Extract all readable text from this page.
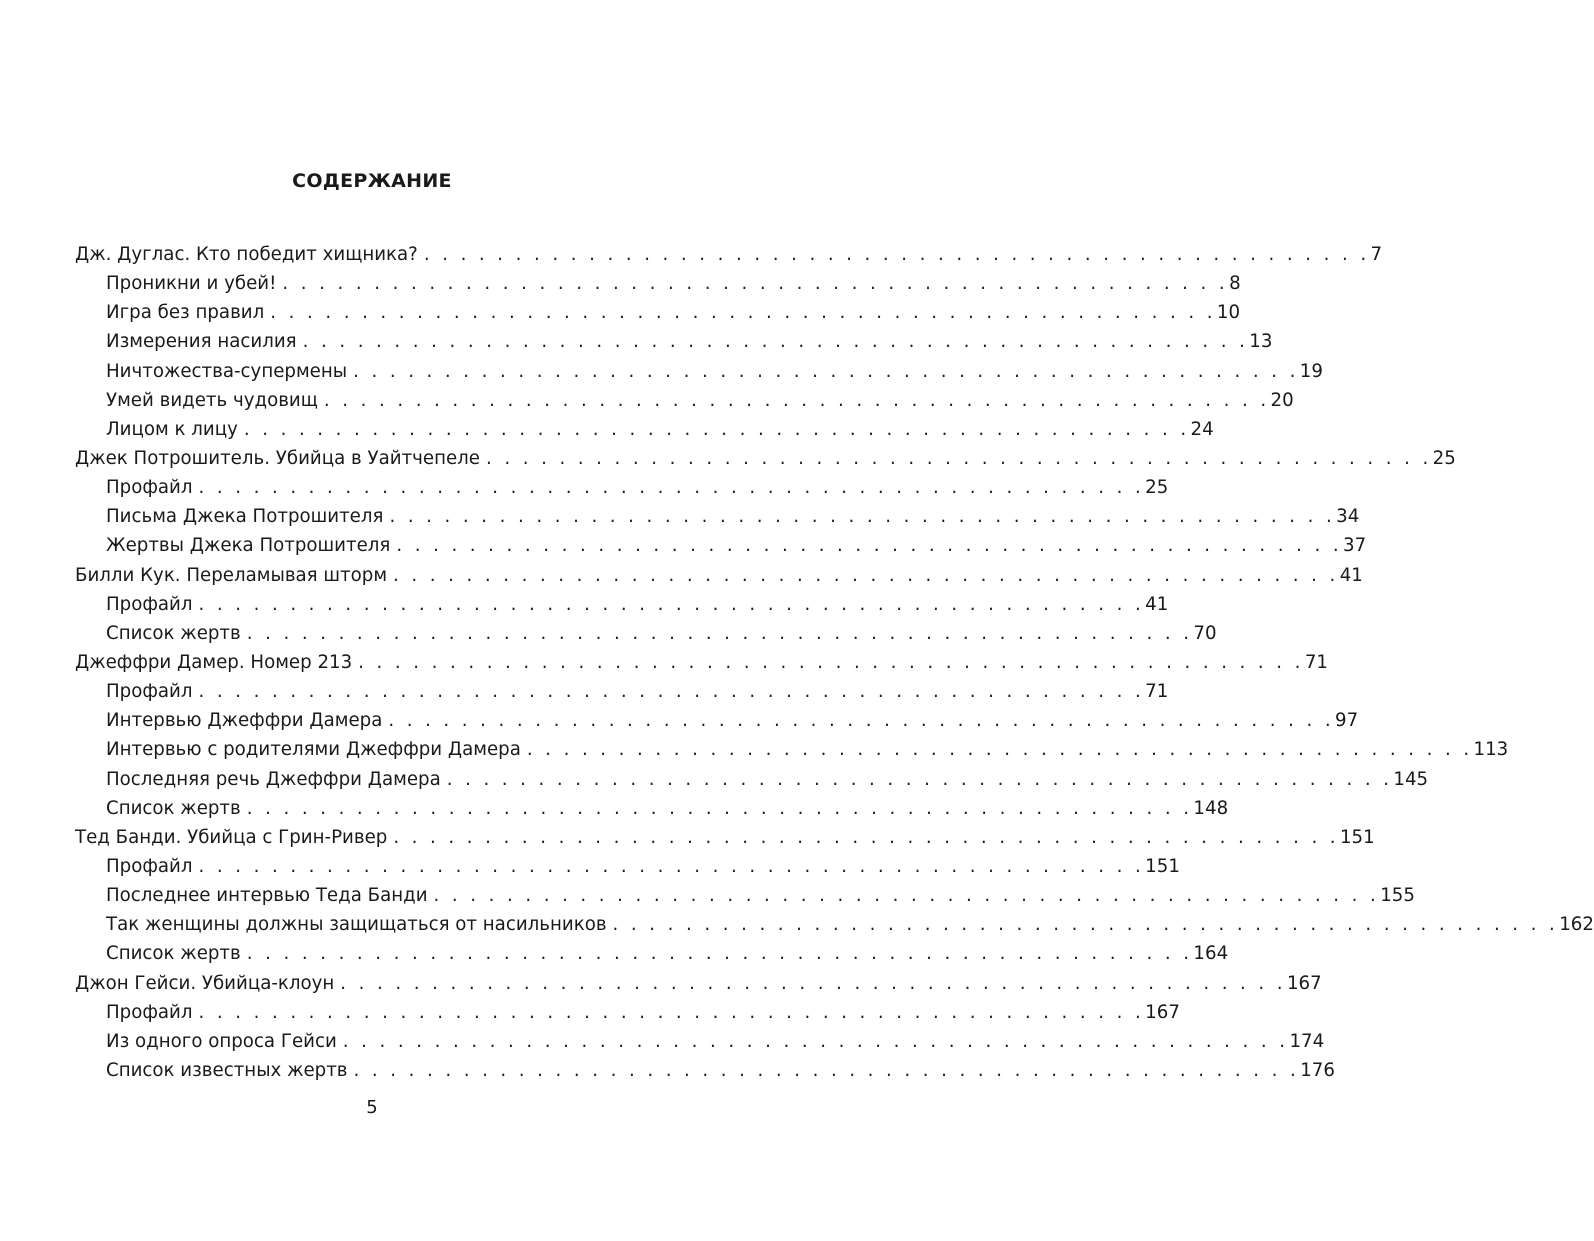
СОДЕРЖАНИЕ
Дж. Дуглас. Кто победит хищника? . . . . . . . . . . . . . . . . . . . . . . . . . . . . . . . . . . . . . . . . . . . . . . . . . . . . 7
Проникни и убей! . . . . . . . . . . . . . . . . . . . . . . . . . . . . . . . . . . . . . . . . . . . . . . . . . . . . 8
Игра без правил . . . . . . . . . . . . . . . . . . . . . . . . . . . . . . . . . . . . . . . . . . . . . . . . . . . . 10
Измерения насилия . . . . . . . . . . . . . . . . . . . . . . . . . . . . . . . . . . . . . . . . . . . . . . . . . . . . 13
Ничтожества-супермены . . . . . . . . . . . . . . . . . . . . . . . . . . . . . . . . . . . . . . . . . . . . . . . . . . . . 19
Умей видеть чудовищ . . . . . . . . . . . . . . . . . . . . . . . . . . . . . . . . . . . . . . . . . . . . . . . . . . . . 20
Лицом к лицу . . . . . . . . . . . . . . . . . . . . . . . . . . . . . . . . . . . . . . . . . . . . . . . . . . . . 24
Джек Потрошитель. Убийца в Уайтчепеле . . . . . . . . . . . . . . . . . . . . . . . . . . . . . . . . . . . . . . . . . . . . . . . . . . . . 25
Профайл . . . . . . . . . . . . . . . . . . . . . . . . . . . . . . . . . . . . . . . . . . . . . . . . . . . . 25
Письма Джека Потрошителя . . . . . . . . . . . . . . . . . . . . . . . . . . . . . . . . . . . . . . . . . . . . . . . . . . . . 34
Жертвы Джека Потрошителя . . . . . . . . . . . . . . . . . . . . . . . . . . . . . . . . . . . . . . . . . . . . . . . . . . . . 37
Билли Кук. Переламывая шторм . . . . . . . . . . . . . . . . . . . . . . . . . . . . . . . . . . . . . . . . . . . . . . . . . . . . 41
Профайл . . . . . . . . . . . . . . . . . . . . . . . . . . . . . . . . . . . . . . . . . . . . . . . . . . . . 41
Список жертв . . . . . . . . . . . . . . . . . . . . . . . . . . . . . . . . . . . . . . . . . . . . . . . . . . . . 70
Джеффри Дамер. Номер 213 . . . . . . . . . . . . . . . . . . . . . . . . . . . . . . . . . . . . . . . . . . . . . . . . . . . . 71
Профайл . . . . . . . . . . . . . . . . . . . . . . . . . . . . . . . . . . . . . . . . . . . . . . . . . . . . 71
Интервью Джеффри Дамера . . . . . . . . . . . . . . . . . . . . . . . . . . . . . . . . . . . . . . . . . . . . . . . . . . . . 97
Интервью с родителями Джеффри Дамера . . . . . . . . . . . . . . . . . . . . . . . . . . . . . . . . . . . . . . . . . . . . . . . . . . . . 113
Последняя речь Джеффри Дамера . . . . . . . . . . . . . . . . . . . . . . . . . . . . . . . . . . . . . . . . . . . . . . . . . . . . 145
Список жертв . . . . . . . . . . . . . . . . . . . . . . . . . . . . . . . . . . . . . . . . . . . . . . . . . . . . 148
Тед Банди. Убийца с Грин-Ривер . . . . . . . . . . . . . . . . . . . . . . . . . . . . . . . . . . . . . . . . . . . . . . . . . . . . 151
Профайл . . . . . . . . . . . . . . . . . . . . . . . . . . . . . . . . . . . . . . . . . . . . . . . . . . . . 151
Последнее интервью Теда Банди . . . . . . . . . . . . . . . . . . . . . . . . . . . . . . . . . . . . . . . . . . . . . . . . . . . . 155
Так женщины должны защищаться от насильников . . . . . . . . . . . . . . . . . . . . . . . . . . . . . . . . . . . . . . . . . . . . . . . . . . . . 162
Список жертв . . . . . . . . . . . . . . . . . . . . . . . . . . . . . . . . . . . . . . . . . . . . . . . . . . . . 164
Джон Гейси. Убийца-клоун . . . . . . . . . . . . . . . . . . . . . . . . . . . . . . . . . . . . . . . . . . . . . . . . . . . . 167
Профайл . . . . . . . . . . . . . . . . . . . . . . . . . . . . . . . . . . . . . . . . . . . . . . . . . . . . 167
Из одного опроса Гейси . . . . . . . . . . . . . . . . . . . . . . . . . . . . . . . . . . . . . . . . . . . . . . . . . . . . 174
Список известных жертв . . . . . . . . . . . . . . . . . . . . . . . . . . . . . . . . . . . . . . . . . . . . . . . . . . . . 176
5
